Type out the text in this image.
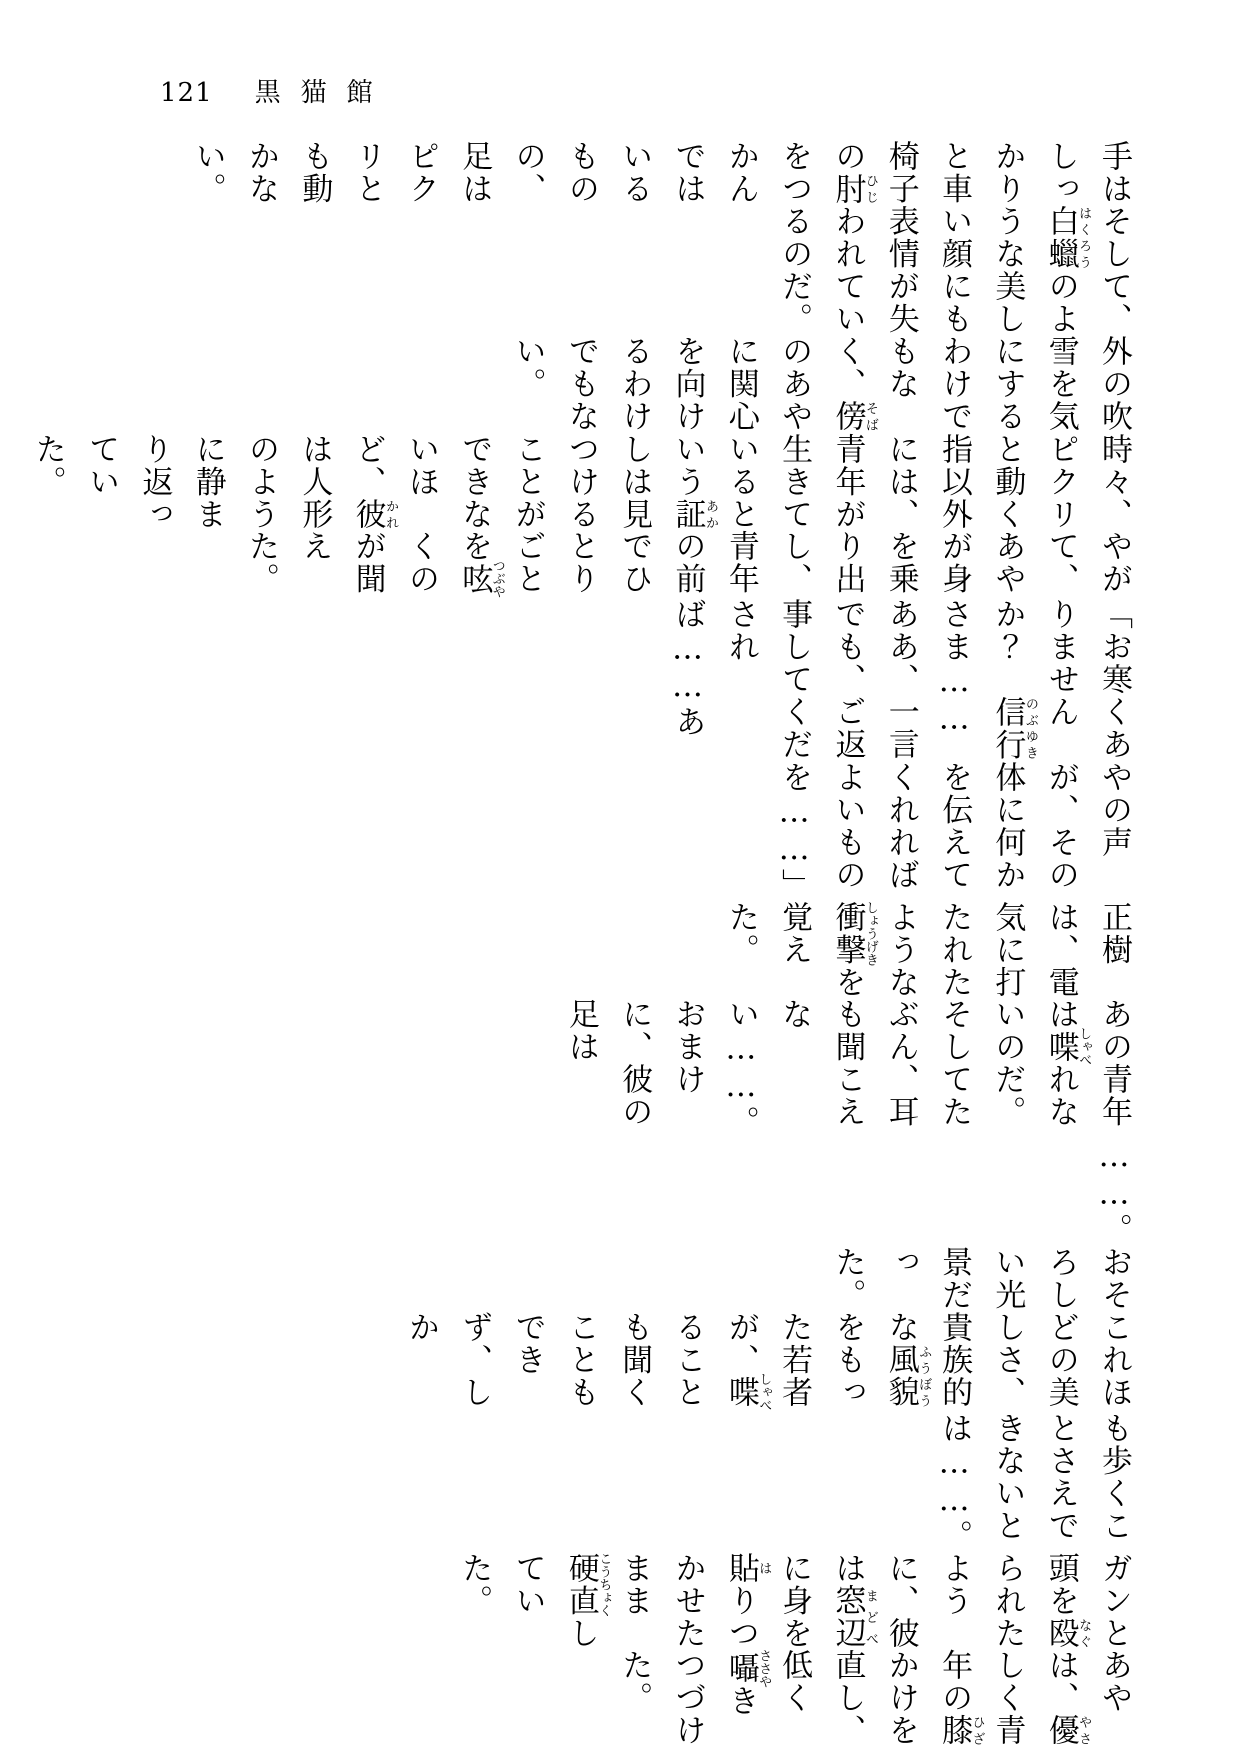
121 黒猫館

手はしっかりと車椅子の肘ひじをつかんではいるものの、足はピクリとも動かない。

そして、白蠟はくろうのような美しい顔にも表情が失われているのだ。

外の吹雪を気にするわけでもなく、傍そばのあやに関心を向けるわけでもない。

時々、ピクリと動く指以外には、青年が生きているという証あかしは見つけることができないほど、彼かれは人形のように静まり返っていた。

やがて、あやが身を乗り出し、青年の前でひとりごとを呟つぶやくのが聞えた。

「お寒くありませんか？　信行のぶゆきさま……ああ、一言でも、ご返事してくだされば……あ

やの声が、その体に何かを伝えてくれればよいものを……」

正樹は、電気に打たれたような衝撃しょうげきを覚えた。

あの青年は喋しゃべれないのだ。そしてたぶん、耳も聞こえない……。おまけに、彼の足は

……。

おそろしい光景だった。

これほどの美しさ、貴族的な風貌ふうぼうをもった若者が、喋しゃべることも聞くこともできず、しか

も歩くことさえできないとは……。

ガンと頭を殴なぐられたように、彼は窓辺まどべに身を貼はりつかせたまま硬直こうちょくしていた。

あやは、優やさしく青年の膝ひざかけを直し、低く囁ささやきつづけた。
